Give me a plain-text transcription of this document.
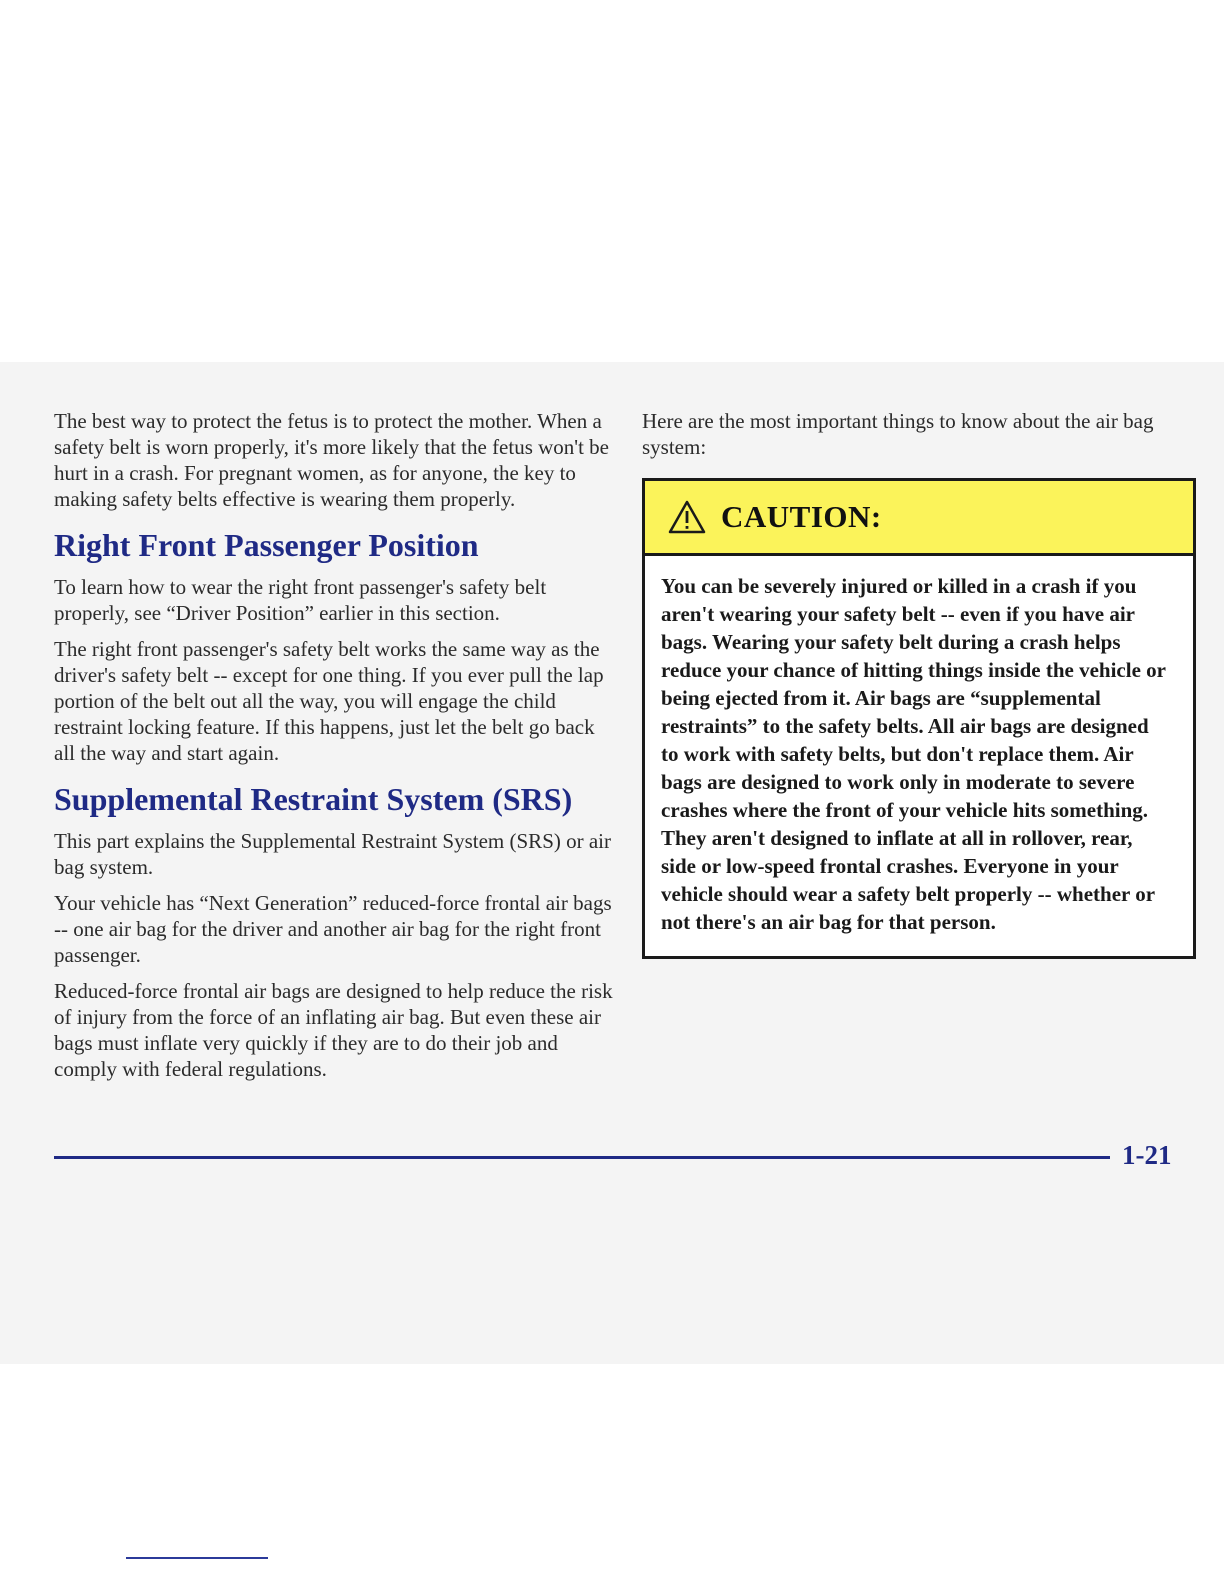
The best way to protect the fetus is to protect the mother. When a safety belt is worn properly, it's more likely that the fetus won't be hurt in a crash. For pregnant women, as for anyone, the key to making safety belts effective is wearing them properly.

Right Front Passenger Position

To learn how to wear the right front passenger's safety belt properly, see “Driver Position” earlier in this section.

The right front passenger's safety belt works the same way as the driver's safety belt -- except for one thing. If you ever pull the lap portion of the belt out all the way, you will engage the child restraint locking feature. If this happens, just let the belt go back all the way and start again.

Supplemental Restraint System (SRS)

This part explains the Supplemental Restraint System (SRS) or air bag system.

Your vehicle has “Next Generation” reduced-force frontal air bags -- one air bag for the driver and another air bag for the right front passenger.

Reduced-force frontal air bags are designed to help reduce the risk of injury from the force of an inflating air bag. But even these air bags must inflate very quickly if they are to do their job and comply with federal regulations.

Here are the most important things to know about the air bag system:

CAUTION:
You can be severely injured or killed in a crash if you aren't wearing your safety belt -- even if you have air bags. Wearing your safety belt during a crash helps reduce your chance of hitting things inside the vehicle or being ejected from it. Air bags are “supplemental restraints” to the safety belts. All air bags are designed to work with safety belts, but don't replace them. Air bags are designed to work only in moderate to severe crashes where the front of your vehicle hits something. They aren't designed to inflate at all in rollover, rear, side or low-speed frontal crashes. Everyone in your vehicle should wear a safety belt properly -- whether or not there's an air bag for that person.
1-21
